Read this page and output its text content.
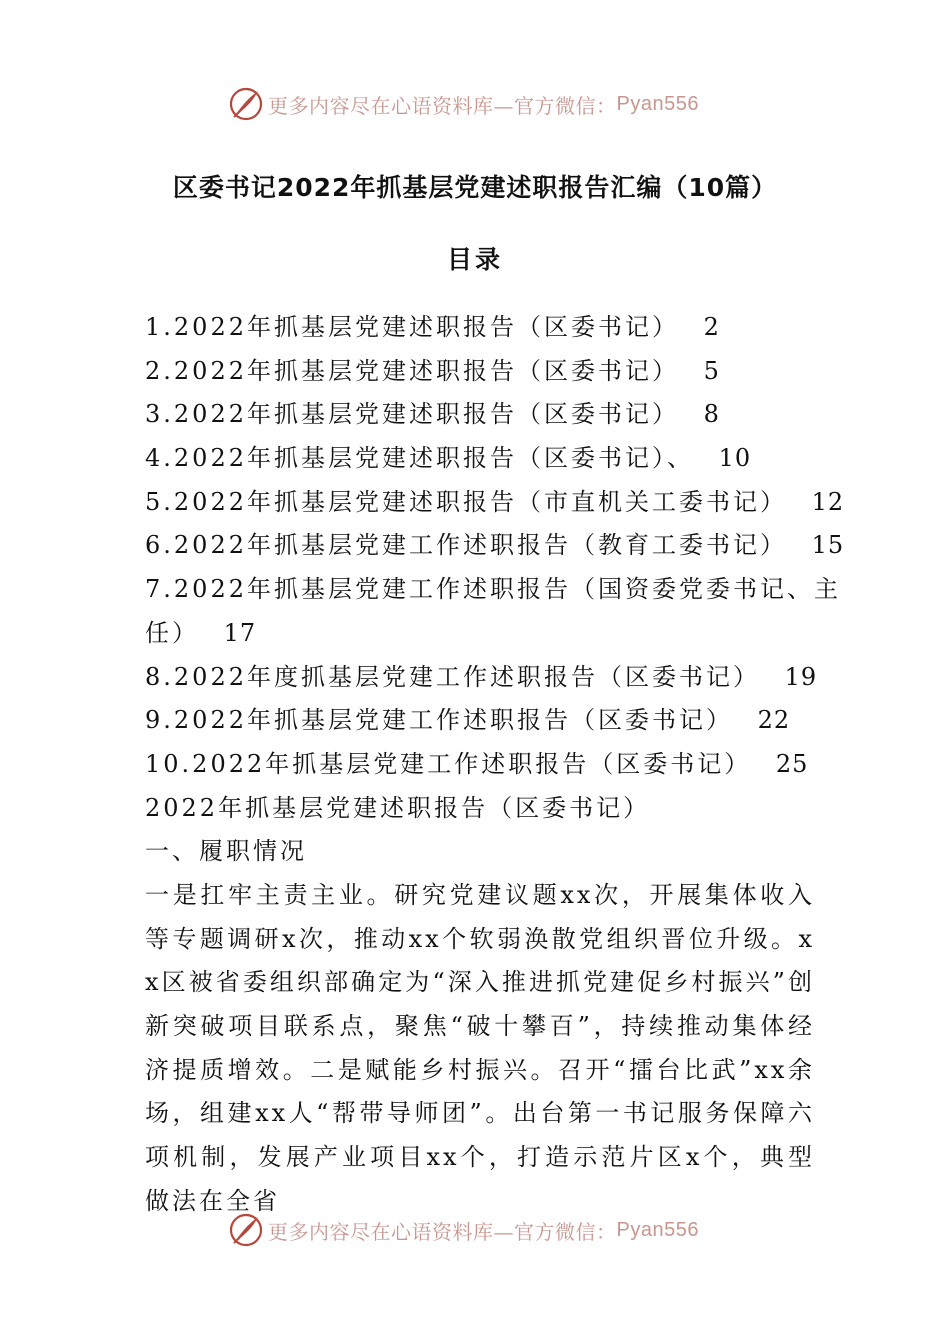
更多内容尽在心语资料库—官方微信： Pyan556
区委书记2022年抓基层党建述职报告汇编（10篇）
目录
1.2022年抓基层党建述职报告（区委书记） 2
2.2022年抓基层党建述职报告（区委书记） 5
3.2022年抓基层党建述职报告（区委书记） 8
4.2022年抓基层党建述职报告（区委书记）、 10
5.2022年抓基层党建述职报告（市直机关工委书记） 12
6.2022年抓基层党建工作述职报告（教育工委书记） 15
7.2022年抓基层党建工作述职报告（国资委党委书记、主
任） 17
8.2022年度抓基层党建工作述职报告（区委书记） 19
9.2022年抓基层党建工作述职报告（区委书记） 22
10.2022年抓基层党建工作述职报告（区委书记） 25
2022年抓基层党建述职报告（区委书记）
一、履职情况
一是扛牢主责主业。研究党建议题xx次，开展集体收入等专题调研x次，推动xx个软弱涣散党组织晋位升级。xx区被省委组织部确定为“深入推进抓党建促乡村振兴”创新突破项目联系点，聚焦“破十攀百”，持续推动集体经济提质增效。二是赋能乡村振兴。召开“擂台比武”xx余场，组建xx人“帮带导师团”。出台第一书记服务保障六项机制，发展产业项目xx个，打造示范片区x个，典型做法在全省
更多内容尽在心语资料库—官方微信： Pyan556
